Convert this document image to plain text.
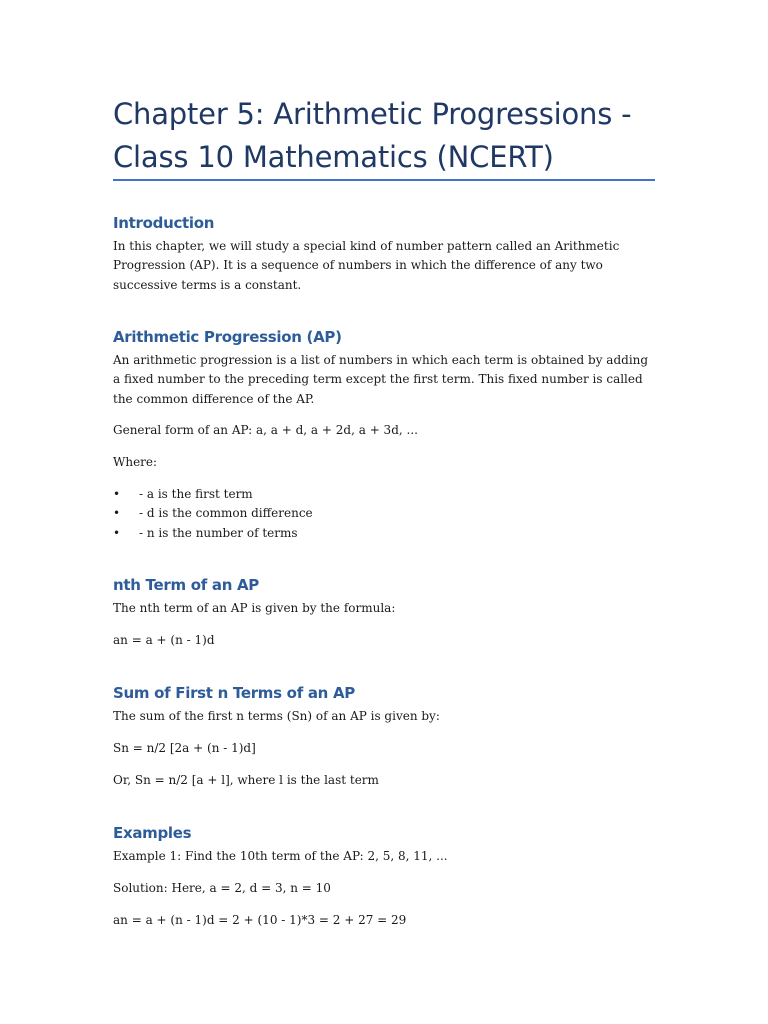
Chapter 5: Arithmetic Progressions - Class 10 Mathematics (NCERT)
Introduction

In this chapter, we will study a special kind of number pattern called an Arithmetic Progression (AP). It is a sequence of numbers in which the difference of any two successive terms is a constant.

Arithmetic Progression (AP)

An arithmetic progression is a list of numbers in which each term is obtained by adding a fixed number to the preceding term except the first term. This fixed number is called the common difference of the AP.

General form of an AP: a, a + d, a + 2d, a + 3d, ...

Where:

• - a is the first term
• - d is the common difference
• - n is the number of terms
nth Term of an AP

The nth term of an AP is given by the formula:

an = a + (n - 1)d

Sum of First n Terms of an AP

The sum of the first n terms (Sn) of an AP is given by:

Sn = n/2 [2a + (n - 1)d]

Or, Sn = n/2 [a + l], where l is the last term

Examples

Example 1: Find the 10th term of the AP: 2, 5, 8, 11, ...

Solution: Here, a = 2, d = 3, n = 10

an = a + (n - 1)d = 2 + (10 - 1)*3 = 2 + 27 = 29
